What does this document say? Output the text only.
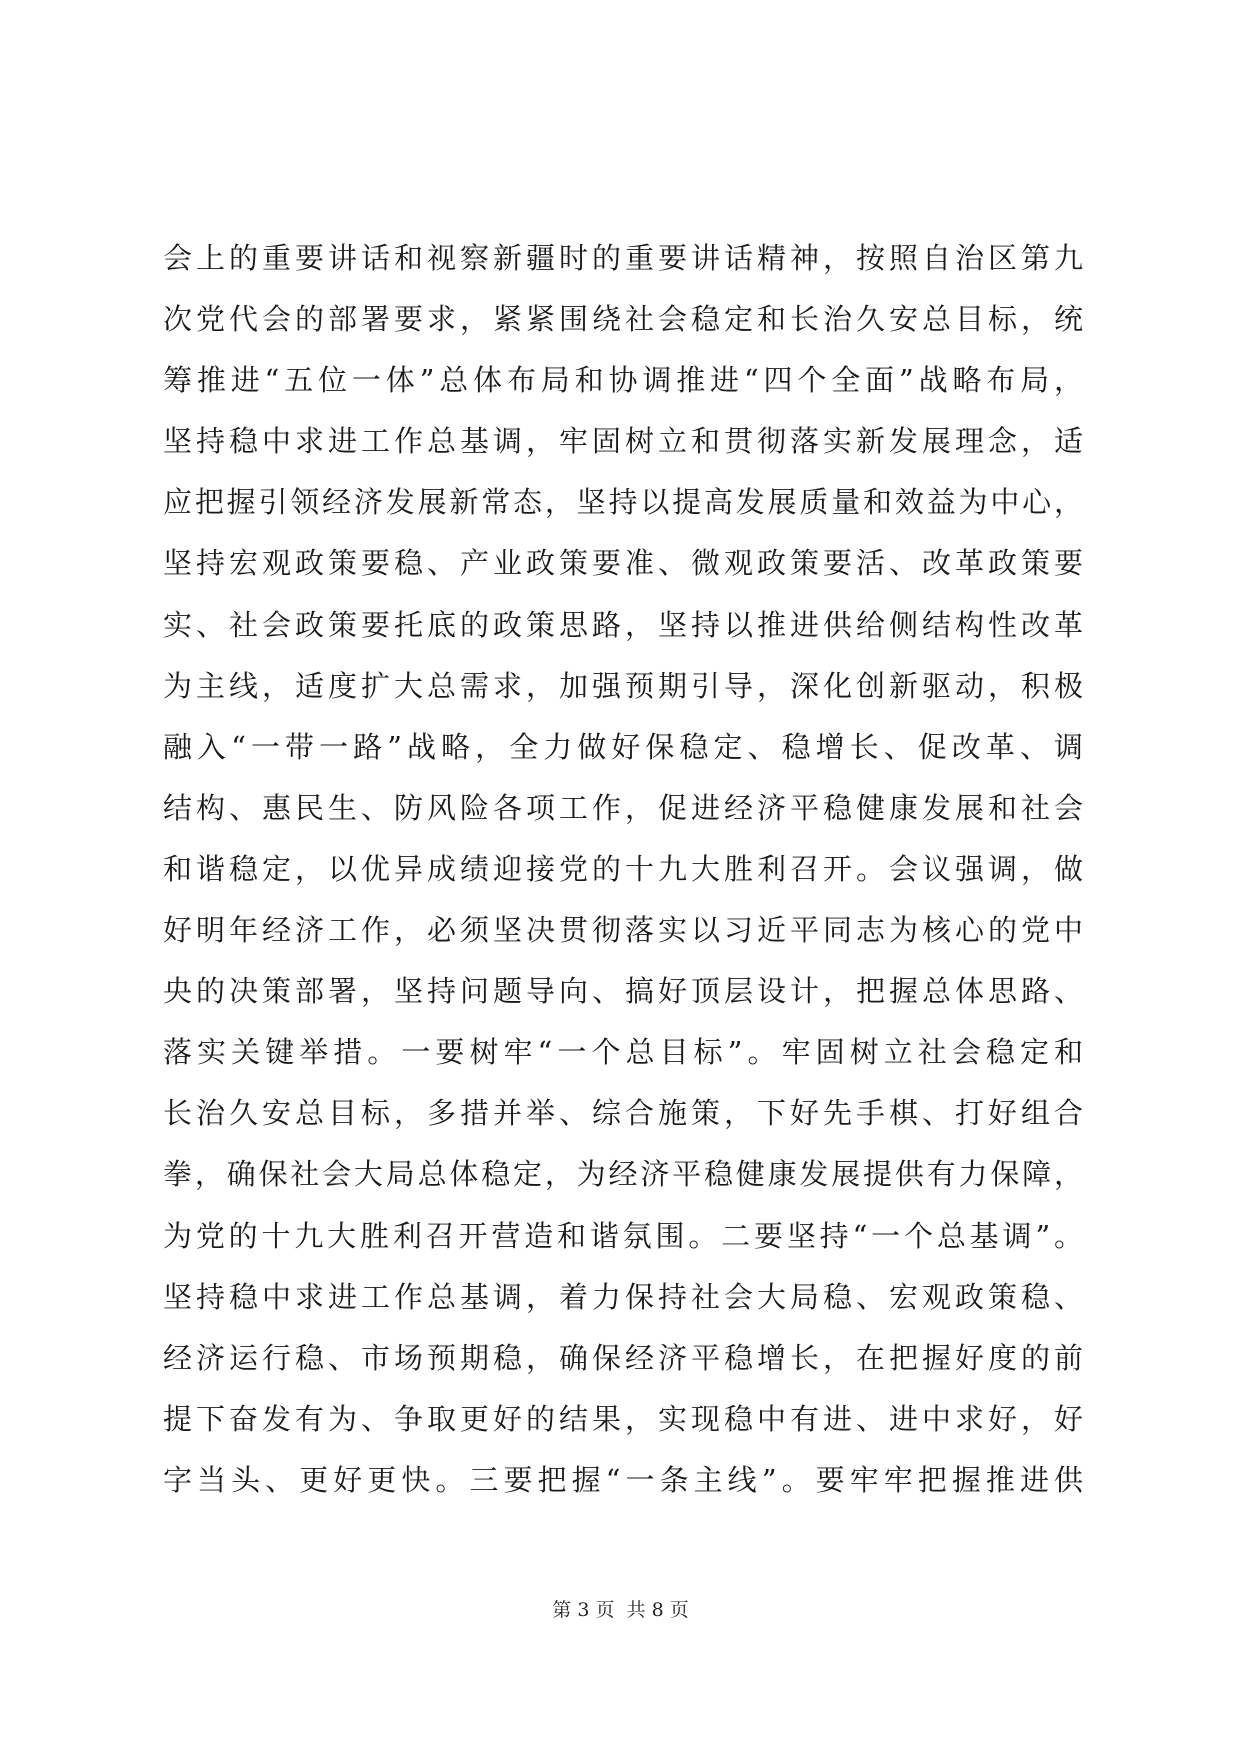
会上的重要讲话和视察新疆时的重要讲话精神，按照自治区第九
次党代会的部署要求，紧紧围绕社会稳定和长治久安总目标，统
筹推进“五位一体”总体布局和协调推进“四个全面”战略布局，
坚持稳中求进工作总基调，牢固树立和贯彻落实新发展理念，适
应把握引领经济发展新常态，坚持以提高发展质量和效益为中心，
坚持宏观政策要稳、产业政策要准、微观政策要活、改革政策要
实、社会政策要托底的政策思路，坚持以推进供给侧结构性改革
为主线，适度扩大总需求，加强预期引导，深化创新驱动，积极
融入“一带一路”战略，全力做好保稳定、稳增长、促改革、调
结构、惠民生、防风险各项工作，促进经济平稳健康发展和社会
和谐稳定，以优异成绩迎接党的十九大胜利召开。会议强调，做
好明年经济工作，必须坚决贯彻落实以习近平同志为核心的党中
央的决策部署，坚持问题导向、搞好顶层设计，把握总体思路、
落实关键举措。一要树牢“一个总目标”。牢固树立社会稳定和
长治久安总目标，多措并举、综合施策，下好先手棋、打好组合
拳，确保社会大局总体稳定，为经济平稳健康发展提供有力保障，
为党的十九大胜利召开营造和谐氛围。二要坚持“一个总基调”。
坚持稳中求进工作总基调，着力保持社会大局稳、宏观政策稳、
经济运行稳、市场预期稳，确保经济平稳增长，在把握好度的前
提下奋发有为、争取更好的结果，实现稳中有进、进中求好，好
字当头、更好更快。三要把握“一条主线”。要牢牢把握推进供
第 3 页  共 8 页
